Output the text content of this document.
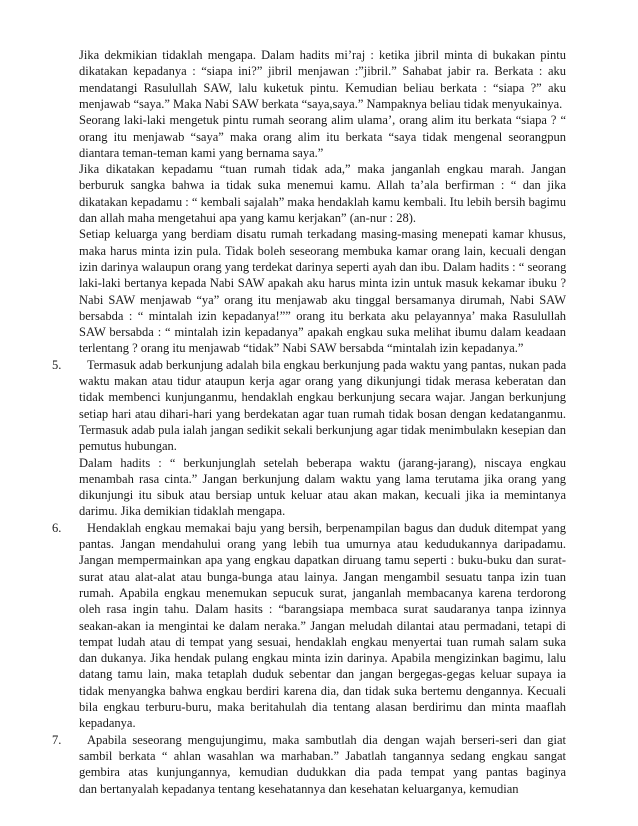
Jika dekmikian tidaklah mengapa. Dalam hadits mi’raj : ketika jibril minta di bukakan pintu
dikatakan kepadanya : “siapa ini?” jibril menjawan :”jibril.” Sahabat jabir ra. Berkata : aku
mendatangi Rasulullah SAW, lalu kuketuk pintu. Kemudian beliau berkata : “siapa ?” aku
menjawab “saya.” Maka Nabi SAW berkata “saya,saya.” Nampaknya beliau tidak menyukainya.
Seorang laki-laki mengetuk pintu rumah seorang alim ulama’, orang alim itu berkata “siapa ? “
orang itu menjawab “saya” maka orang alim itu berkata “saya tidak mengenal seorangpun
diantara teman-teman kami yang bernama saya.”
Jika dikatakan kepadamu “tuan rumah tidak ada,” maka janganlah engkau marah. Jangan
berburuk sangka bahwa ia tidak suka menemui kamu. Allah ta’ala berfirman : “ dan jika
dikatakan kepadamu : “ kembali sajalah” maka hendaklah kamu kembali. Itu lebih bersih bagimu
dan allah maha mengetahui apa yang kamu kerjakan” (an-nur : 28).
Setiap keluarga yang berdiam disatu rumah terkadang masing-masing menepati kamar khusus,
maka harus minta izin pula. Tidak boleh seseorang membuka kamar orang lain, kecuali dengan
izin darinya walaupun orang yang terdekat darinya seperti ayah dan ibu. Dalam hadits : “ seorang
laki-laki bertanya kepada Nabi SAW apakah aku harus minta izin untuk masuk kekamar ibuku ?
Nabi SAW menjawab “ya” orang itu menjawab aku tinggal bersamanya dirumah, Nabi SAW
bersabda : “ mintalah izin kepadanya!”” orang itu berkata aku pelayannya’ maka Rasulullah
SAW bersabda : “ mintalah izin kepadanya” apakah engkau suka melihat ibumu dalam keadaan
terlentang ? orang itu menjawab “tidak” Nabi SAW bersabda “mintalah izin kepadanya.”
5. Termasuk adab berkunjung adalah bila engkau berkunjung pada waktu yang pantas, nukan pada
waktu makan atau tidur ataupun kerja agar orang yang dikunjungi tidak merasa keberatan dan
tidak membenci kunjunganmu, hendaklah engkau berkunjung secara wajar. Jangan berkunjung
setiap hari atau dihari-hari yang berdekatan agar tuan rumah tidak bosan dengan kedatanganmu.
Termasuk adab pula ialah jangan sedikit sekali berkunjung agar tidak menimbulakn kesepian dan
pemutus hubungan.
Dalam hadits : “ berkunjunglah setelah beberapa waktu (jarang-jarang), niscaya engkau
menambah rasa cinta.” Jangan berkunjung dalam waktu yang lama terutama jika orang yang
dikunjungi itu sibuk atau bersiap untuk keluar atau akan makan, kecuali jika ia memintanya
darimu. Jika demikian tidaklah mengapa.
6. Hendaklah engkau memakai baju yang bersih, berpenampilan bagus dan duduk ditempat yang
pantas. Jangan mendahului orang yang lebih tua umurnya atau kedudukannya daripadamu.
Jangan mempermainkan apa yang engkau dapatkan diruang tamu seperti : buku-buku dan surat-
surat atau alat-alat atau bunga-bunga atau lainya. Jangan mengambil sesuatu tanpa izin tuan
rumah. Apabila engkau menemukan sepucuk surat, janganlah membacanya karena terdorong
oleh rasa ingin tahu. Dalam hasits : “barangsiapa membaca surat saudaranya tanpa izinnya
seakan-akan ia mengintai ke dalam neraka.” Jangan meludah dilantai atau permadani, tetapi di
tempat ludah atau di tempat yang sesuai, hendaklah engkau menyertai tuan rumah salam suka
dan dukanya. Jika hendak pulang engkau minta izin darinya. Apabila mengizinkan bagimu, lalu
datang tamu lain, maka tetaplah duduk sebentar dan jangan bergegas-gegas keluar supaya ia
tidak menyangka bahwa engkau berdiri karena dia, dan tidak suka bertemu dengannya. Kecuali
bila engkau terburu-buru, maka beritahulah dia tentang alasan berdirimu dan minta maaflah
kepadanya.
7. Apabila seseorang mengujungimu, maka sambutlah dia dengan wajah berseri-seri dan giat
sambil berkata “ ahlan wasahlan wa marhaban.” Jabatlah tangannya sedang engkau sangat
gembira atas kunjungannya, kemudian dudukkan dia pada tempat yang pantas baginya
dan bertanyalah kepadanya tentang kesehatannya dan kesehatan keluarganya, kemudian
